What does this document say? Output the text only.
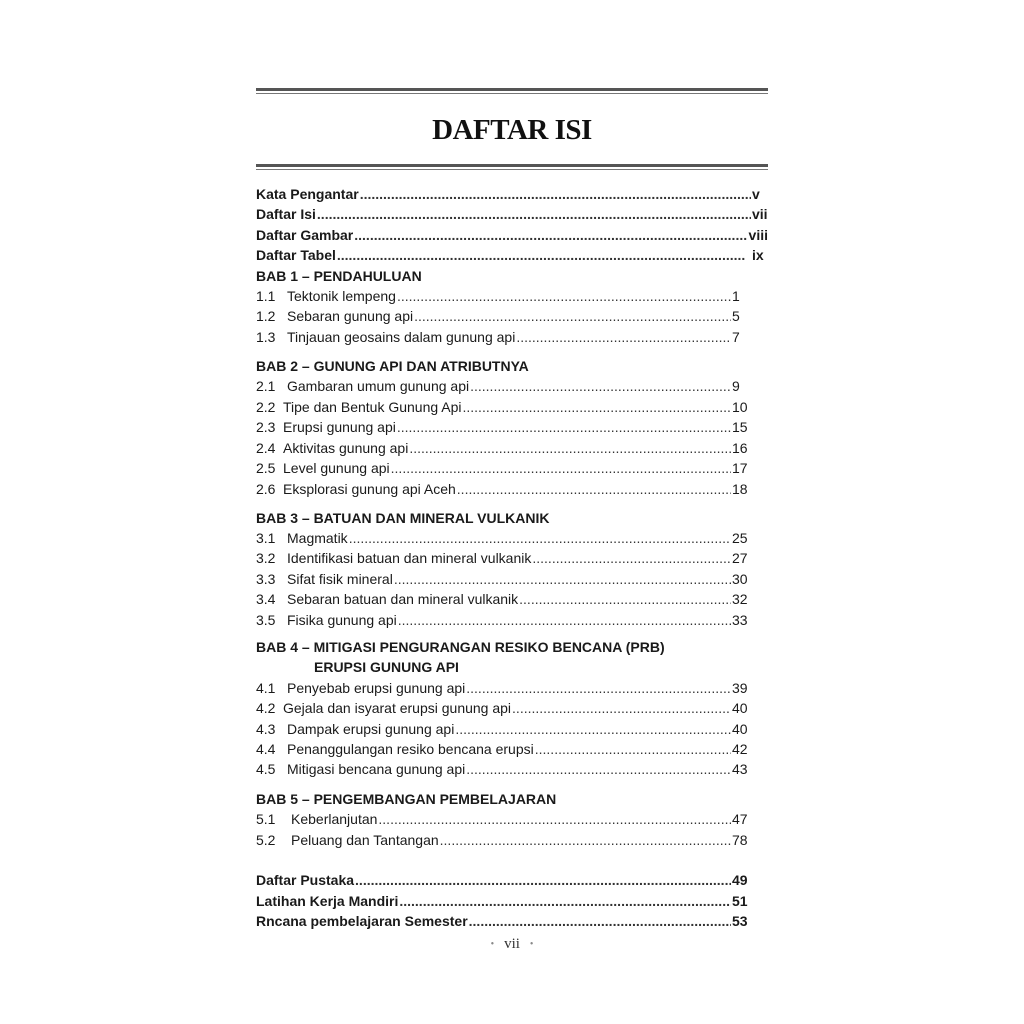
DAFTAR ISI
Kata Pengantar .....	v
Daftar Isi .....	vii
Daftar Gambar .....	viii
Daftar Tabel .....	ix
BAB 1 – PENDAHULUAN
1.1 Tektonik lempeng .....	1
1.2 Sebaran gunung api .....	5
1.3 Tinjauan geosains dalam gunung api .....	7
BAB 2 – GUNUNG API DAN ATRIBUTNYA
2.1 Gambaran umum gunung api .....	9
2.2 Tipe dan Bentuk Gunung Api .....	10
2.3 Erupsi gunung api .....	15
2.4 Aktivitas gunung api .....	16
2.5 Level gunung api .....	17
2.6 Eksplorasi gunung api Aceh .....	18
BAB 3 – BATUAN DAN MINERAL VULKANIK
3.1 Magmatik .....	25
3.2 Identifikasi batuan dan mineral vulkanik .....	27
3.3 Sifat fisik mineral .....	30
3.4 Sebaran batuan dan mineral vulkanik .....	32
3.5 Fisika gunung api .....	33
BAB 4 – MITIGASI PENGURANGAN RESIKO BENCANA (PRB)
ERUPSI GUNUNG API
4.1 Penyebab erupsi gunung api .....	39
4.2 Gejala dan isyarat erupsi gunung api .....	40
4.3 Dampak erupsi gunung api .....	40
4.4 Penanggulangan resiko bencana erupsi .....	42
4.5 Mitigasi bencana gunung api .....	43
BAB 5 – PENGEMBANGAN PEMBELAJARAN
5.1	Keberlanjutan .....	47
5.2	Peluang dan Tantangan .....	78
Daftar Pustaka .....	49
Latihan Kerja Mandiri .....	51
Rncana pembelajaran Semester .....	53
• vii •
